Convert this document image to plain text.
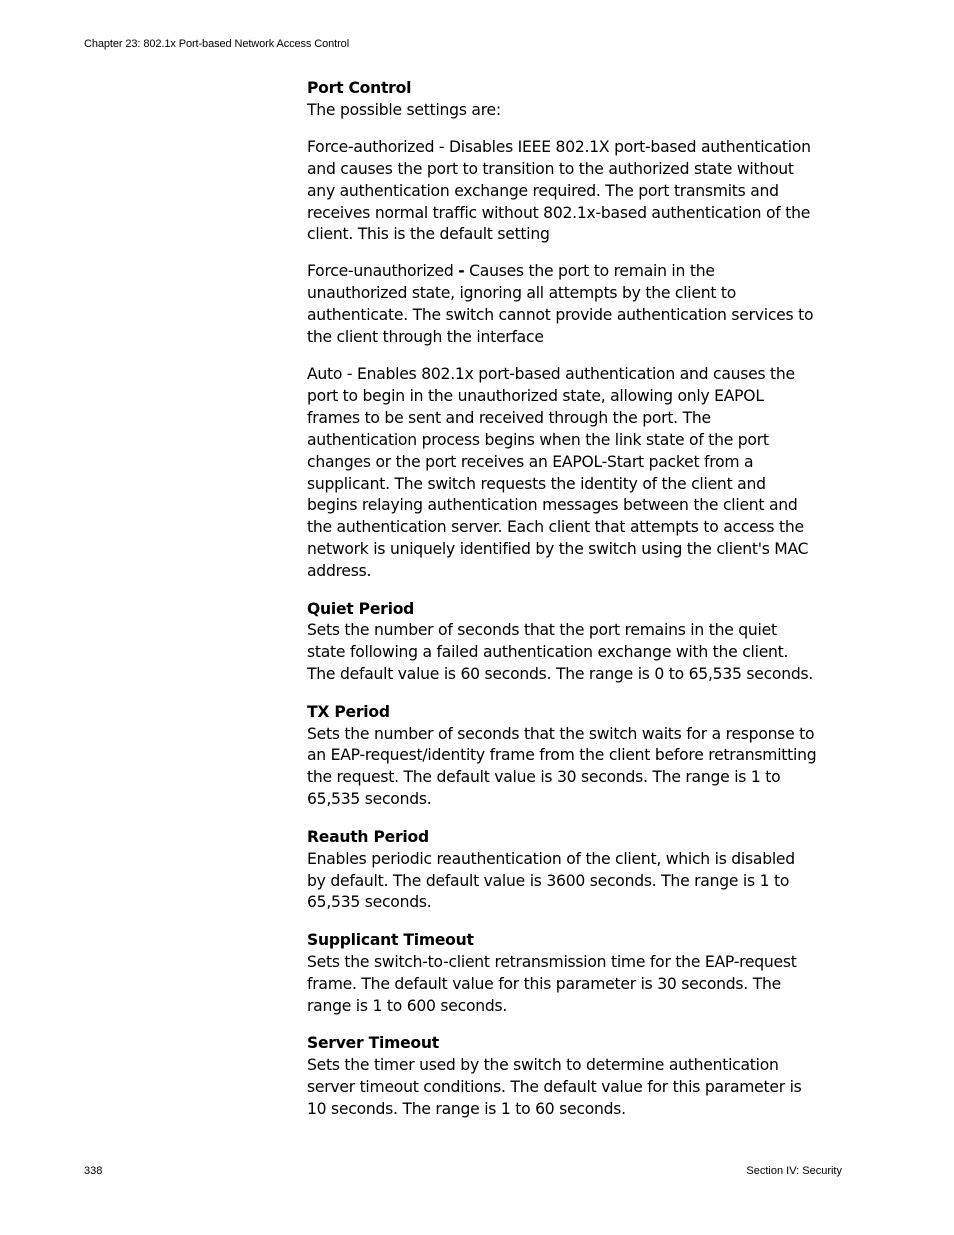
Chapter 23: 802.1x Port-based Network Access Control
Port Control

The possible settings are:

Force-authorized - Disables IEEE 802.1X port-based authentication and causes the port to transition to the authorized state without any authentication exchange required. The port transmits and receives normal traffic without 802.1x-based authentication of the client. This is the default setting

Force-unauthorized - Causes the port to remain in the unauthorized state, ignoring all attempts by the client to authenticate. The switch cannot provide authentication services to the client through the interface

Auto - Enables 802.1x port-based authentication and causes the port to begin in the unauthorized state, allowing only EAPOL frames to be sent and received through the port. The authentication process begins when the link state of the port changes or the port receives an EAPOL-Start packet from a supplicant. The switch requests the identity of the client and begins relaying authentication messages between the client and the authentication server. Each client that attempts to access the network is uniquely identified by the switch using the client's MAC address.

Quiet Period

Sets the number of seconds that the port remains in the quiet state following a failed authentication exchange with the client. The default value is 60 seconds. The range is 0 to 65,535 seconds.

TX Period

Sets the number of seconds that the switch waits for a response to an EAP-request/identity frame from the client before retransmitting the request. The default value is 30 seconds. The range is 1 to 65,535 seconds.

Reauth Period

Enables periodic reauthentication of the client, which is disabled by default. The default value is 3600 seconds. The range is 1 to 65,535 seconds.

Supplicant Timeout

Sets the switch-to-client retransmission time for the EAP-request frame. The default value for this parameter is 30 seconds. The range is 1 to 600 seconds.

Server Timeout

Sets the timer used by the switch to determine authentication server timeout conditions. The default value for this parameter is 10 seconds. The range is 1 to 60 seconds.

338	Section IV: Security
